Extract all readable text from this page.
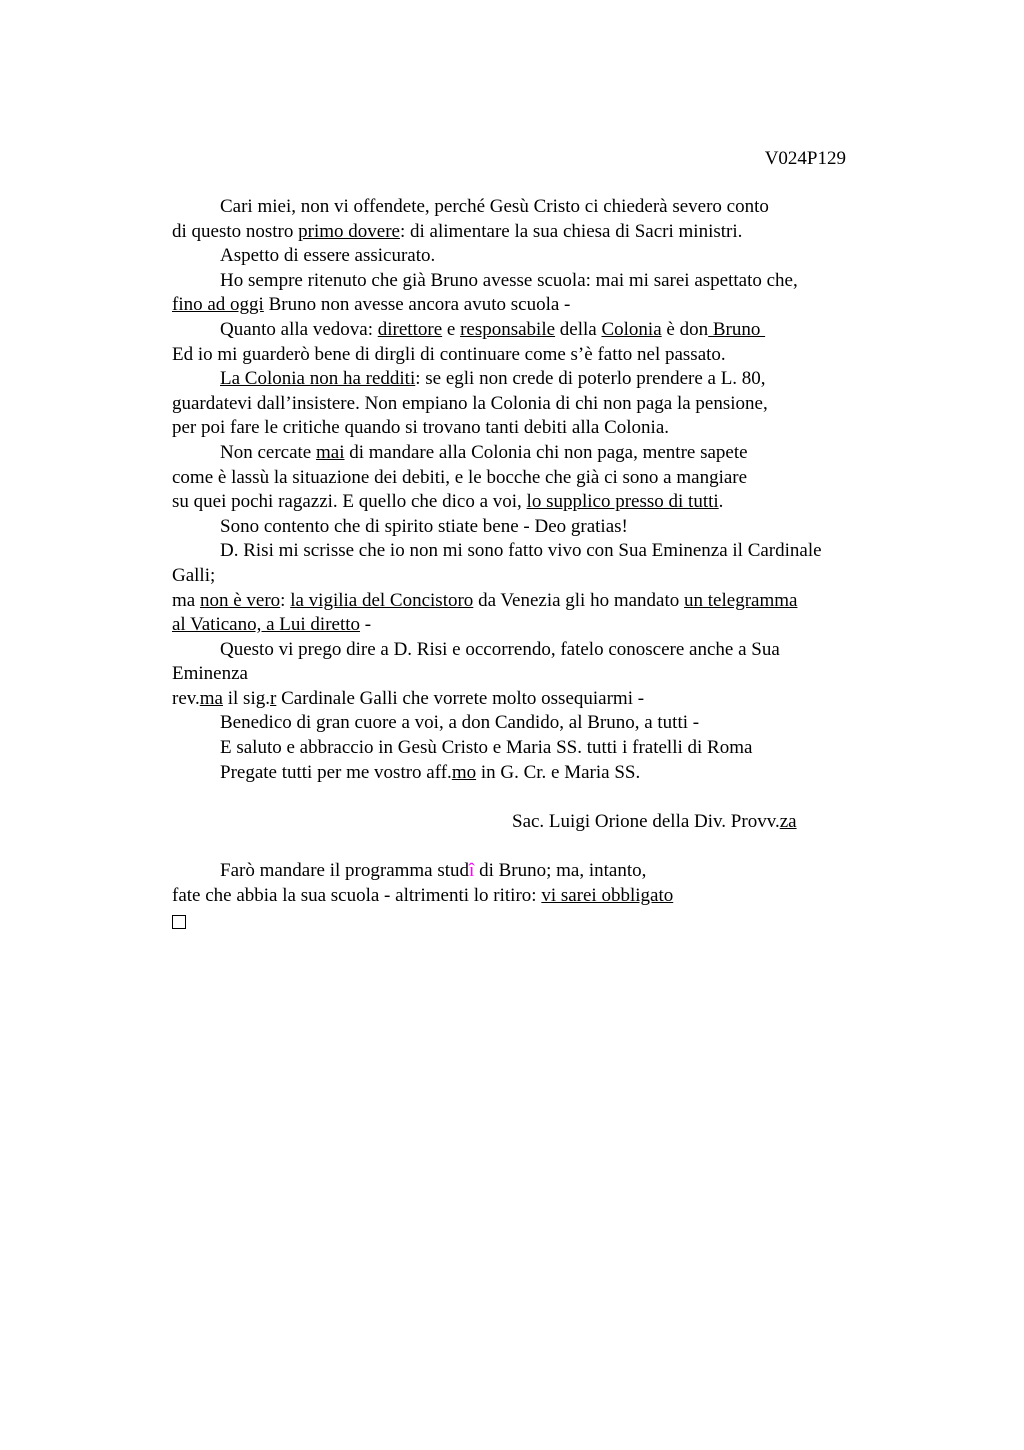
V024P129

Cari miei, non vi offendete, perché Gesù Cristo ci chiederà severo conto
di questo nostro primo dovere: di alimentare la sua chiesa di Sacri ministri.
Aspetto di essere assicurato.
Ho sempre ritenuto che già Bruno avesse scuola: mai mi sarei aspettato che,
fino ad oggi Bruno non avesse ancora avuto scuola -
Quanto alla vedova: direttore e responsabile della Colonia è don Bruno
Ed io mi guarderò bene di dirgli di continuare come s’è fatto nel passato.
La Colonia non ha redditi: se egli non crede di poterlo prendere a L. 80,
guardatevi dall’insistere. Non empiano la Colonia di chi non paga la pensione,
per poi fare le critiche quando si trovano tanti debiti alla Colonia.
Non cercate mai di mandare alla Colonia chi non paga, mentre sapete
come è lassù la situazione dei debiti, e le bocche che già ci sono a mangiare
su quei pochi ragazzi. E quello che dico a voi, lo supplico presso di tutti.
Sono contento che di spirito stiate bene - Deo gratias!
D. Risi mi scrisse che io non mi sono fatto vivo con Sua Eminenza il Cardinale
Galli;
ma non è vero: la vigilia del Concistoro da Venezia gli ho mandato un telegramma
al Vaticano, a Lui diretto -
Questo vi prego dire a D. Risi e occorrendo, fatelo conoscere anche a Sua
Eminenza
rev.ma il sig.r Cardinale Galli che vorrete molto ossequiarmi -
Benedico di gran cuore a voi, a don Candido, al Bruno, a tutti -
E saluto e abbraccio in Gesù Cristo e Maria SS. tutti i fratelli di Roma
Pregate tutti per me vostro aff.mo in G. Cr. e Maria SS.
Sac. Luigi Orione della Div. Provv.za
Farò mandare il programma studî di Bruno; ma, intanto,
fate che abbia la sua scuola - altrimenti lo ritiro: vi sarei obbligato
